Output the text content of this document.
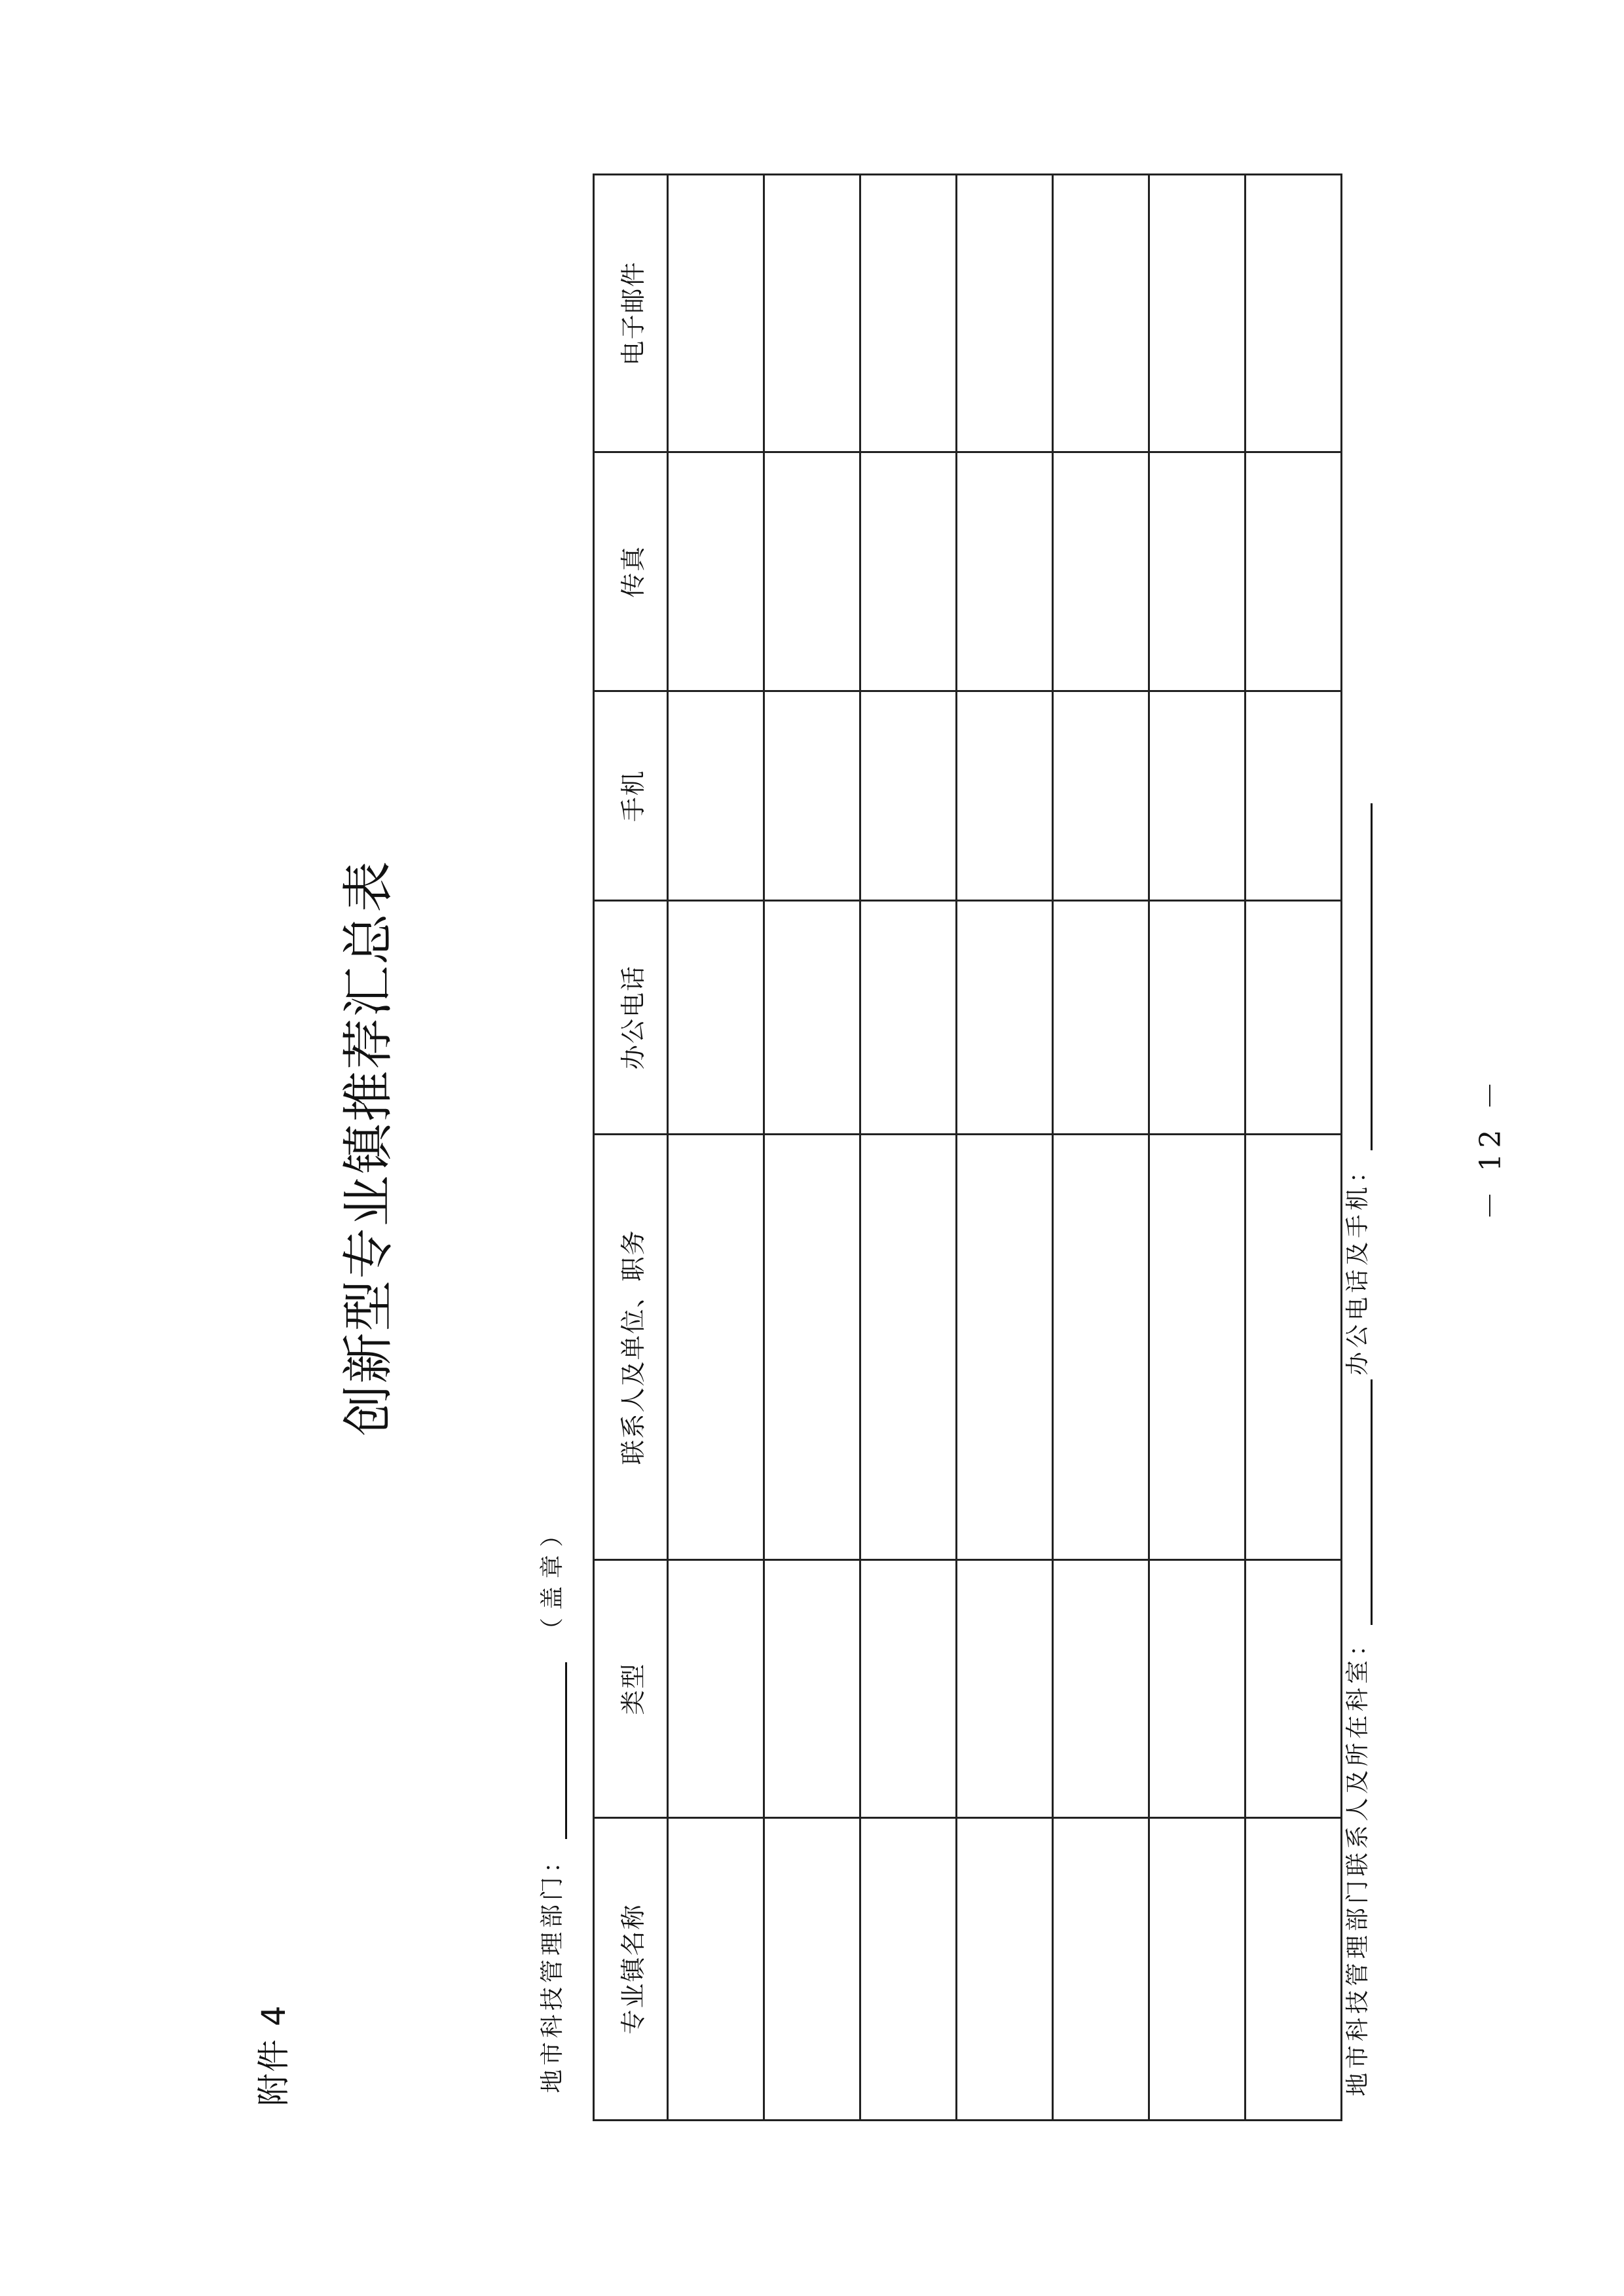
附件 4
创新型专业镇推荐汇总表
地市科技管理部门：
（盖章）
专业镇名称	类型	联系人及单位、职务	办公电话	手机	传真	电子邮件

地市科技管理部门联系人及所在科室：
办公电话及手机：
－ 12 －
